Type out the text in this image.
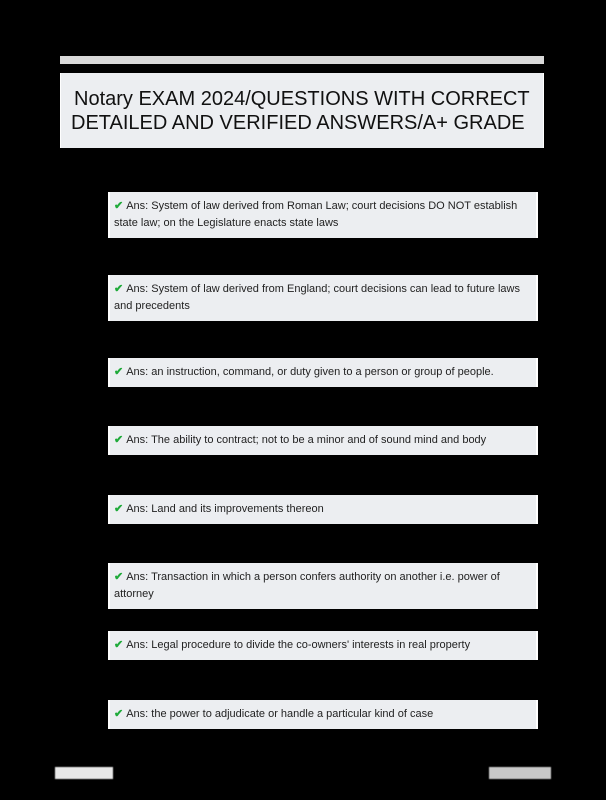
Notary EXAM 2024/QUESTIONS WITH CORRECT
DETAILED AND VERIFIED ANSWERS/A+ GRADE
✔ Ans: System of law derived from Roman Law; court decisions DO NOT establish state law; on the Legislature enacts state laws
✔ Ans: System of law derived from England; court decisions can lead to future laws and precedents
✔ Ans: an instruction, command, or duty given to a person or group of people.
✔ Ans: The ability to contract; not to be a minor and of sound mind and body
✔ Ans: Land and its improvements thereon
✔ Ans: Transaction in which a person confers authority on another i.e. power of attorney
✔ Ans: Legal procedure to divide the co-owners' interests in real property
✔ Ans: the power to adjudicate or handle a particular kind of case
